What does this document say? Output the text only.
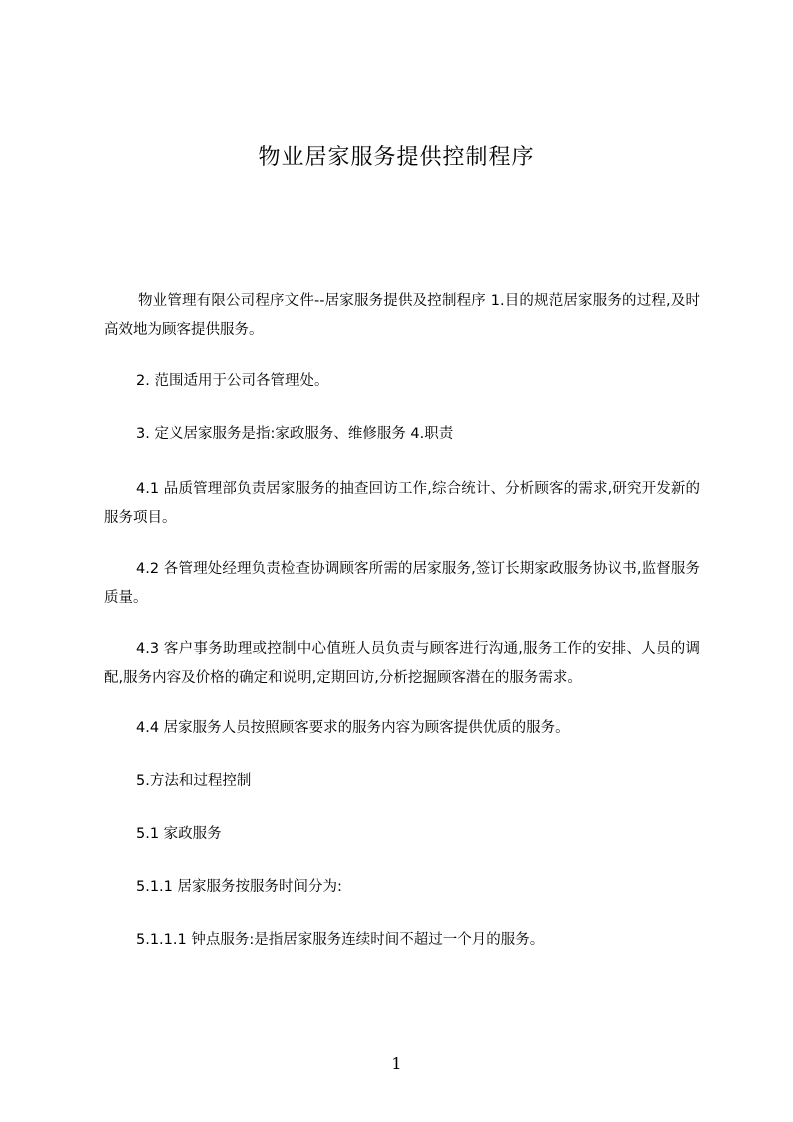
物业居家服务提供控制程序

物业管理有限公司程序文件--居家服务提供及控制程序 1.目的规范居家服务的过程,及时高效地为顾客提供服务。

2. 范围适用于公司各管理处。

3. 定义居家服务是指:家政服务、维修服务 4.职责

4.1 品质管理部负责居家服务的抽查回访工作,综合统计、分析顾客的需求,研究开发新的服务项目。

4.2 各管理处经理负责检查协调顾客所需的居家服务,签订长期家政服务协议书,监督服务质量。

4.3 客户事务助理或控制中心值班人员负责与顾客进行沟通,服务工作的安排、人员的调配,服务内容及价格的确定和说明,定期回访,分析挖掘顾客潜在的服务需求。

4.4 居家服务人员按照顾客要求的服务内容为顾客提供优质的服务。

5.方法和过程控制

5.1 家政服务

5.1.1 居家服务按服务时间分为:

5.1.1.1 钟点服务:是指居家服务连续时间不超过一个月的服务。

1
